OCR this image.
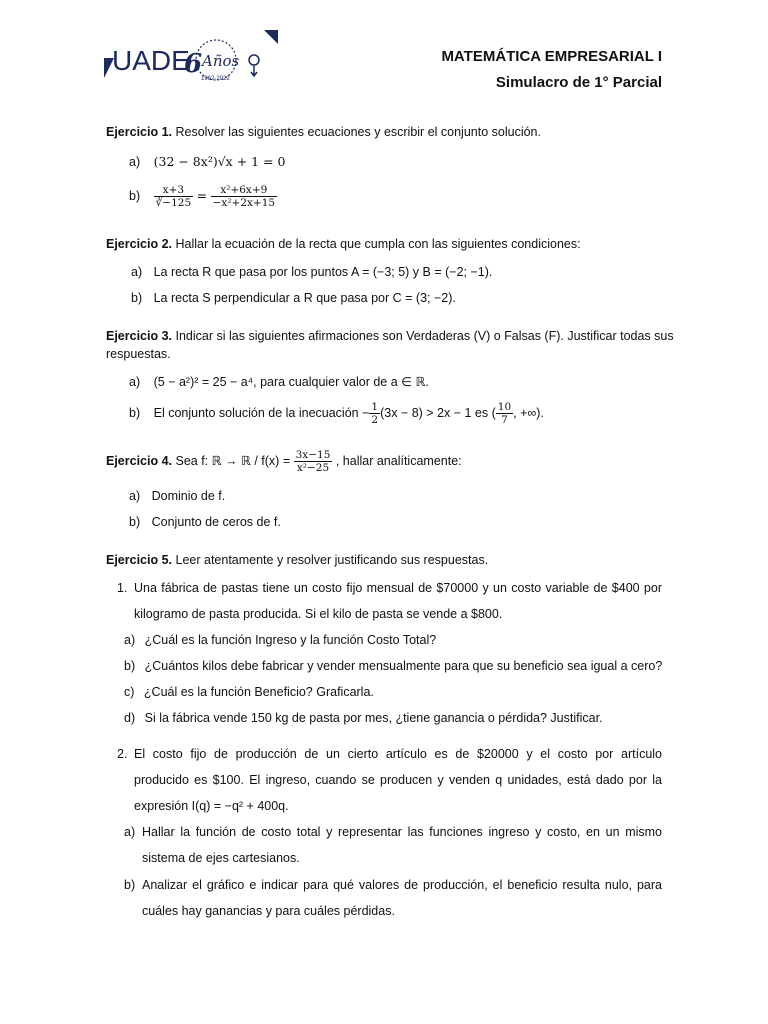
UADE
6 Años
1962-2022
MATEMÁTICA EMPRESARIAL I
Simulacro de 1° Parcial
Ejercicio 1. Resolver las siguientes ecuaciones y escribir el conjunto solución.
a) (32 − 8x²)√x + 1 = 0
$b) \frac{x+3}{∛-125} = \frac{\text{x²+6x+9}}{\text{−x²+2x+15}}$
Ejercicio 2. Hallar la ecuación de la recta que cumpla con las siguientes condiciones:
a) La recta R que pasa por los puntos A = (−3; 5) y B = (−2; −1).
b) La recta S perpendicular a R que pasa por C = (3; −2).
Ejercicio 3. Indicar si las siguientes afirmaciones son Verdaderas (V) o Falsas (F). Justificar todas sus
respuestas.
a) (5 − a²)² = 25 − a⁴, para cualquier valor de a ∈ ℝ.
b) El conjunto solución de la inecuación − $\frac{1}{2} (3x - 8) > 2x - 1$ es ( $\frac{10}{7}$ , +∞).
Ejercicio 4. Sea f: ℝ → ℝ / $f(x) = \frac{3x-15}{\text{x²−25}}$ , hallar analíticamente:
a) Dominio de f.
b) Conjunto de ceros de f.
Ejercicio 5. Leer atentamente y resolver justificando sus respuestas.
1. Una fábrica de pastas tiene un costo fijo mensual de $70000 y un costo variable de $400 por
kilogramo de pasta producida. Si el kilo de pasta se vende a $800.
a) ¿Cuál es la función Ingreso y la función Costo Total?
b) ¿Cuántos kilos debe fabricar y vender mensualmente para que su beneficio sea igual a cero?
c) ¿Cuál es la función Beneficio? Graficarla.
d) Si la fábrica vende 150 kg de pasta por mes, ¿tiene ganancia o pérdida? Justificar.
2. El costo fijo de producción de un cierto artículo es de $20000 y el costo por artículo
producido es $100. El ingreso, cuando se producen y venden q unidades, está dado por la
expresión I(q) = −q² + 400q.
a) Hallar la función de costo total y representar las funciones ingreso y costo, en un mismo
sistema de ejes cartesianos.
b) Analizar el gráfico e indicar para qué valores de producción, el beneficio resulta nulo, para
cuáles hay ganancias y para cuáles pérdidas.
